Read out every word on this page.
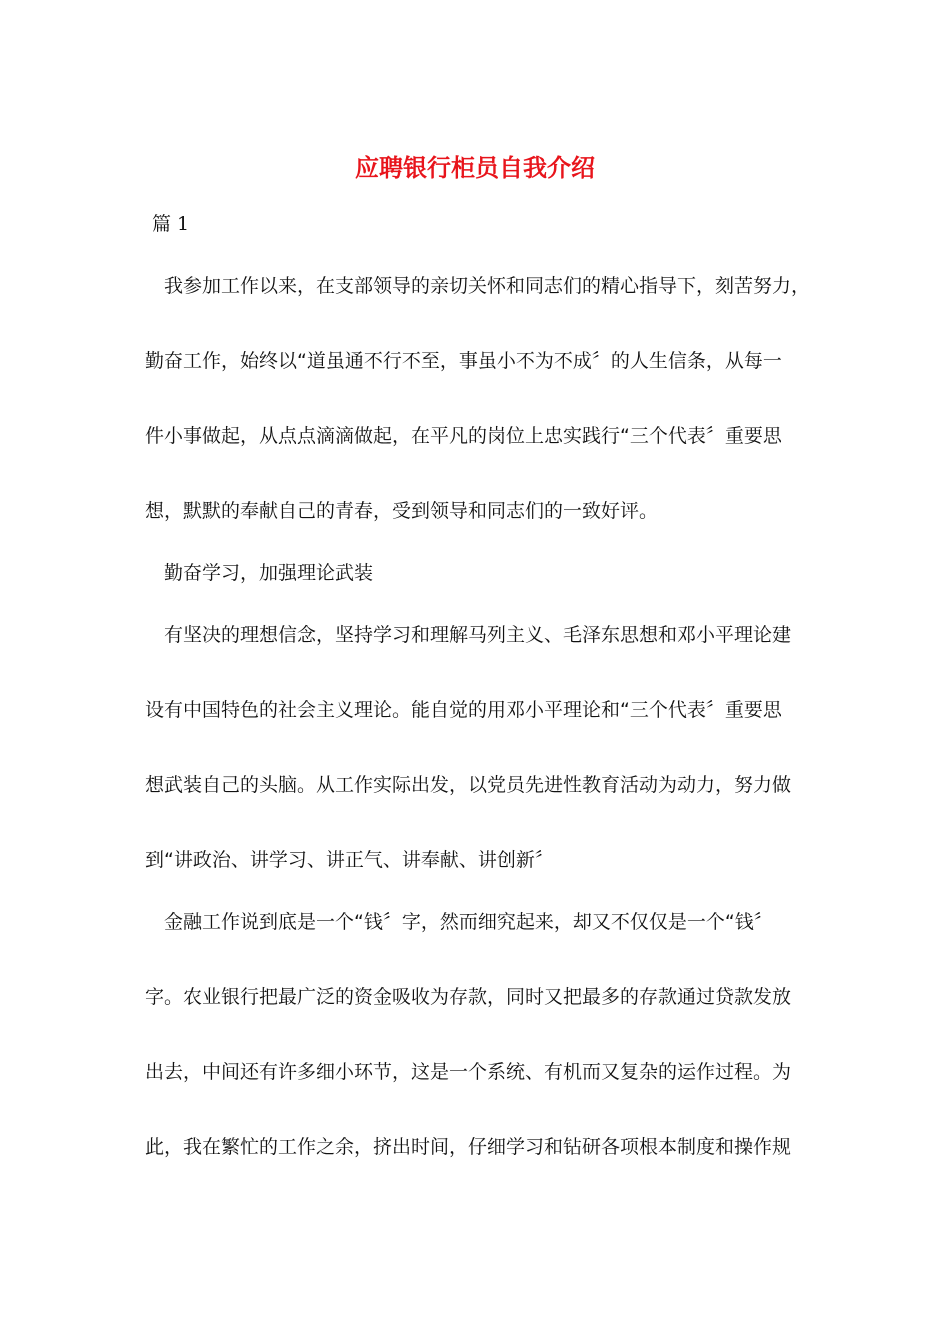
应聘银行柜员自我介绍
篇 1
我参加工作以来，在支部领导的亲切关怀和同志们的精心指导下，刻苦努力，
勤奋工作，始终以“道虽通不行不至，事虽小不为不成〞的人生信条，从每一
件小事做起，从点点滴滴做起，在平凡的岗位上忠实践行“三个代表〞重要思
想，默默的奉献自己的青春，受到领导和同志们的一致好评。
勤奋学习，加强理论武装
有坚决的理想信念，坚持学习和理解马列主义、毛泽东思想和邓小平理论建
设有中国特色的社会主义理论。能自觉的用邓小平理论和“三个代表〞重要思
想武装自己的头脑。从工作实际出发，以党员先进性教育活动为动力，努力做
到“讲政治、讲学习、讲正气、讲奉献、讲创新〞
金融工作说到底是一个“钱〞字，然而细究起来，却又不仅仅是一个“钱〞
字。农业银行把最广泛的资金吸收为存款，同时又把最多的存款通过贷款发放
出去，中间还有许多细小环节，这是一个系统、有机而又复杂的运作过程。为
此，我在繁忙的工作之余，挤出时间，仔细学习和钻研各项根本制度和操作规
